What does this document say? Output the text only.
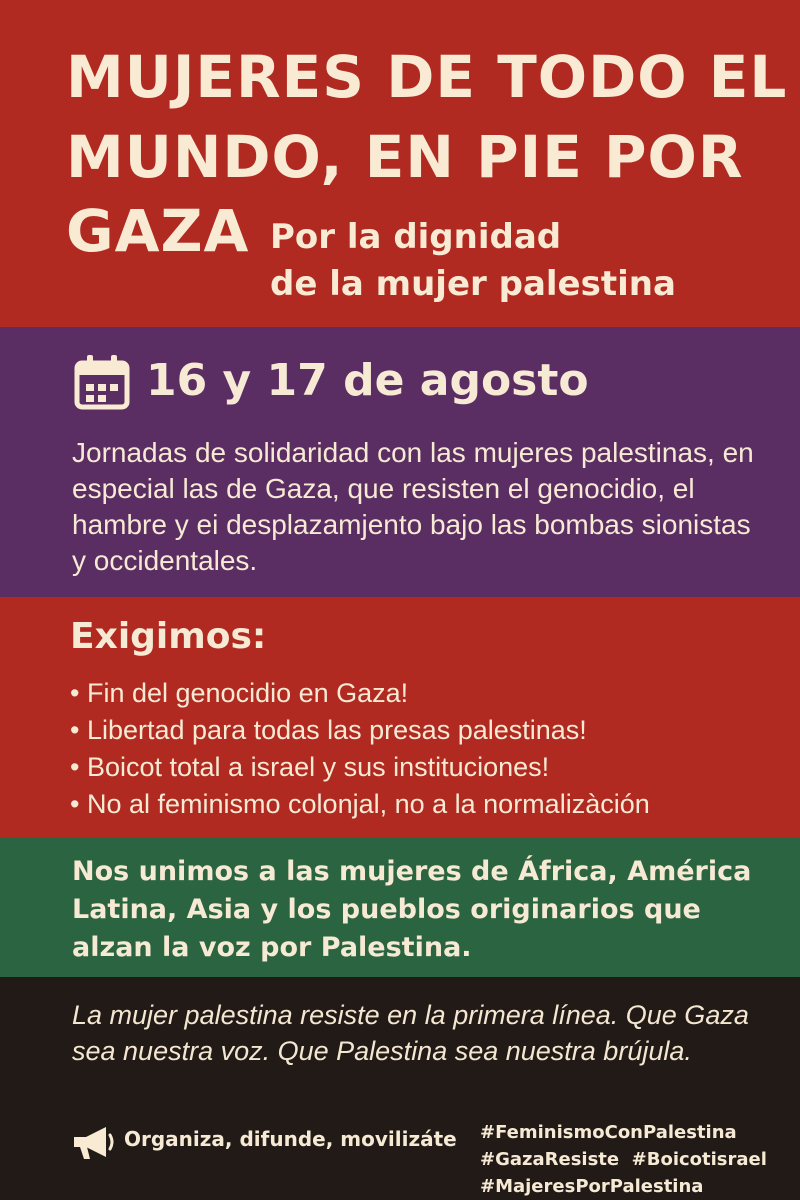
MUJERES DE TODO EL
MUNDO, EN PIE POR
GAZA Por la dignidad

de la mujer palestina

16 y 17 de agosto

Jornadas de solidaridad con las mujeres palestinas, en especial las de Gaza, que resisten el genocidio, el hambre y ei desplazamjento bajo las bombas sionistas y occidentales.

Exigimos:
• Fin del genocidio en Gaza!
• Libertad para todas las presas palestinas!
• Boicot total a israel y sus instituciones!
• No al feminismo colonjal, no a la normalizàción

Nos unimos a las mujeres de África, América Latina, Asia y los pueblos originarios que alzan la voz por Palestina.

La mujer palestina resiste en la primera línea. Que Gaza sea nuestra voz. Que Palestina sea nuestra brújula.

Organiza, difunde, movilizáte #FeminismoConPalestina
#GazaResiste #Boicotisrael
#MajeresPorPalestina
